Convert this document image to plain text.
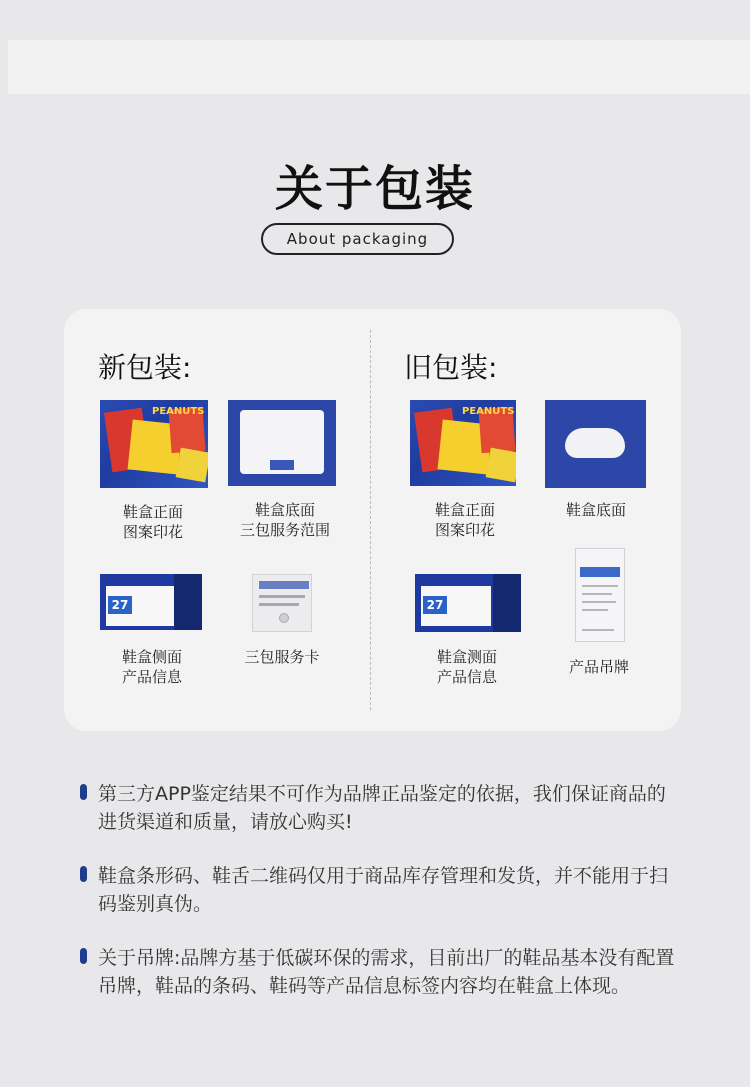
关于包装
About packaging
新包装:
PEANUTS
鞋盒正面
图案印花
鞋盒底面
三包服务范围
27
鞋盒侧面
产品信息
三包服务卡
旧包装:
PEANUTS
鞋盒正面
图案印花
鞋盒底面
27
鞋盒测面
产品信息
产品吊牌
第三方APP鉴定结果不可作为品牌正品鉴定的依据，我们保证商品的进货渠道和质量，请放心购买!
鞋盒条形码、鞋舌二维码仅用于商品库存管理和发货，并不能用于扫码鉴别真伪。
关于吊牌:品牌方基于低碳环保的需求，目前出厂的鞋品基本没有配置吊牌，鞋品的条码、鞋码等产品信息标签内容均在鞋盒上体现。
